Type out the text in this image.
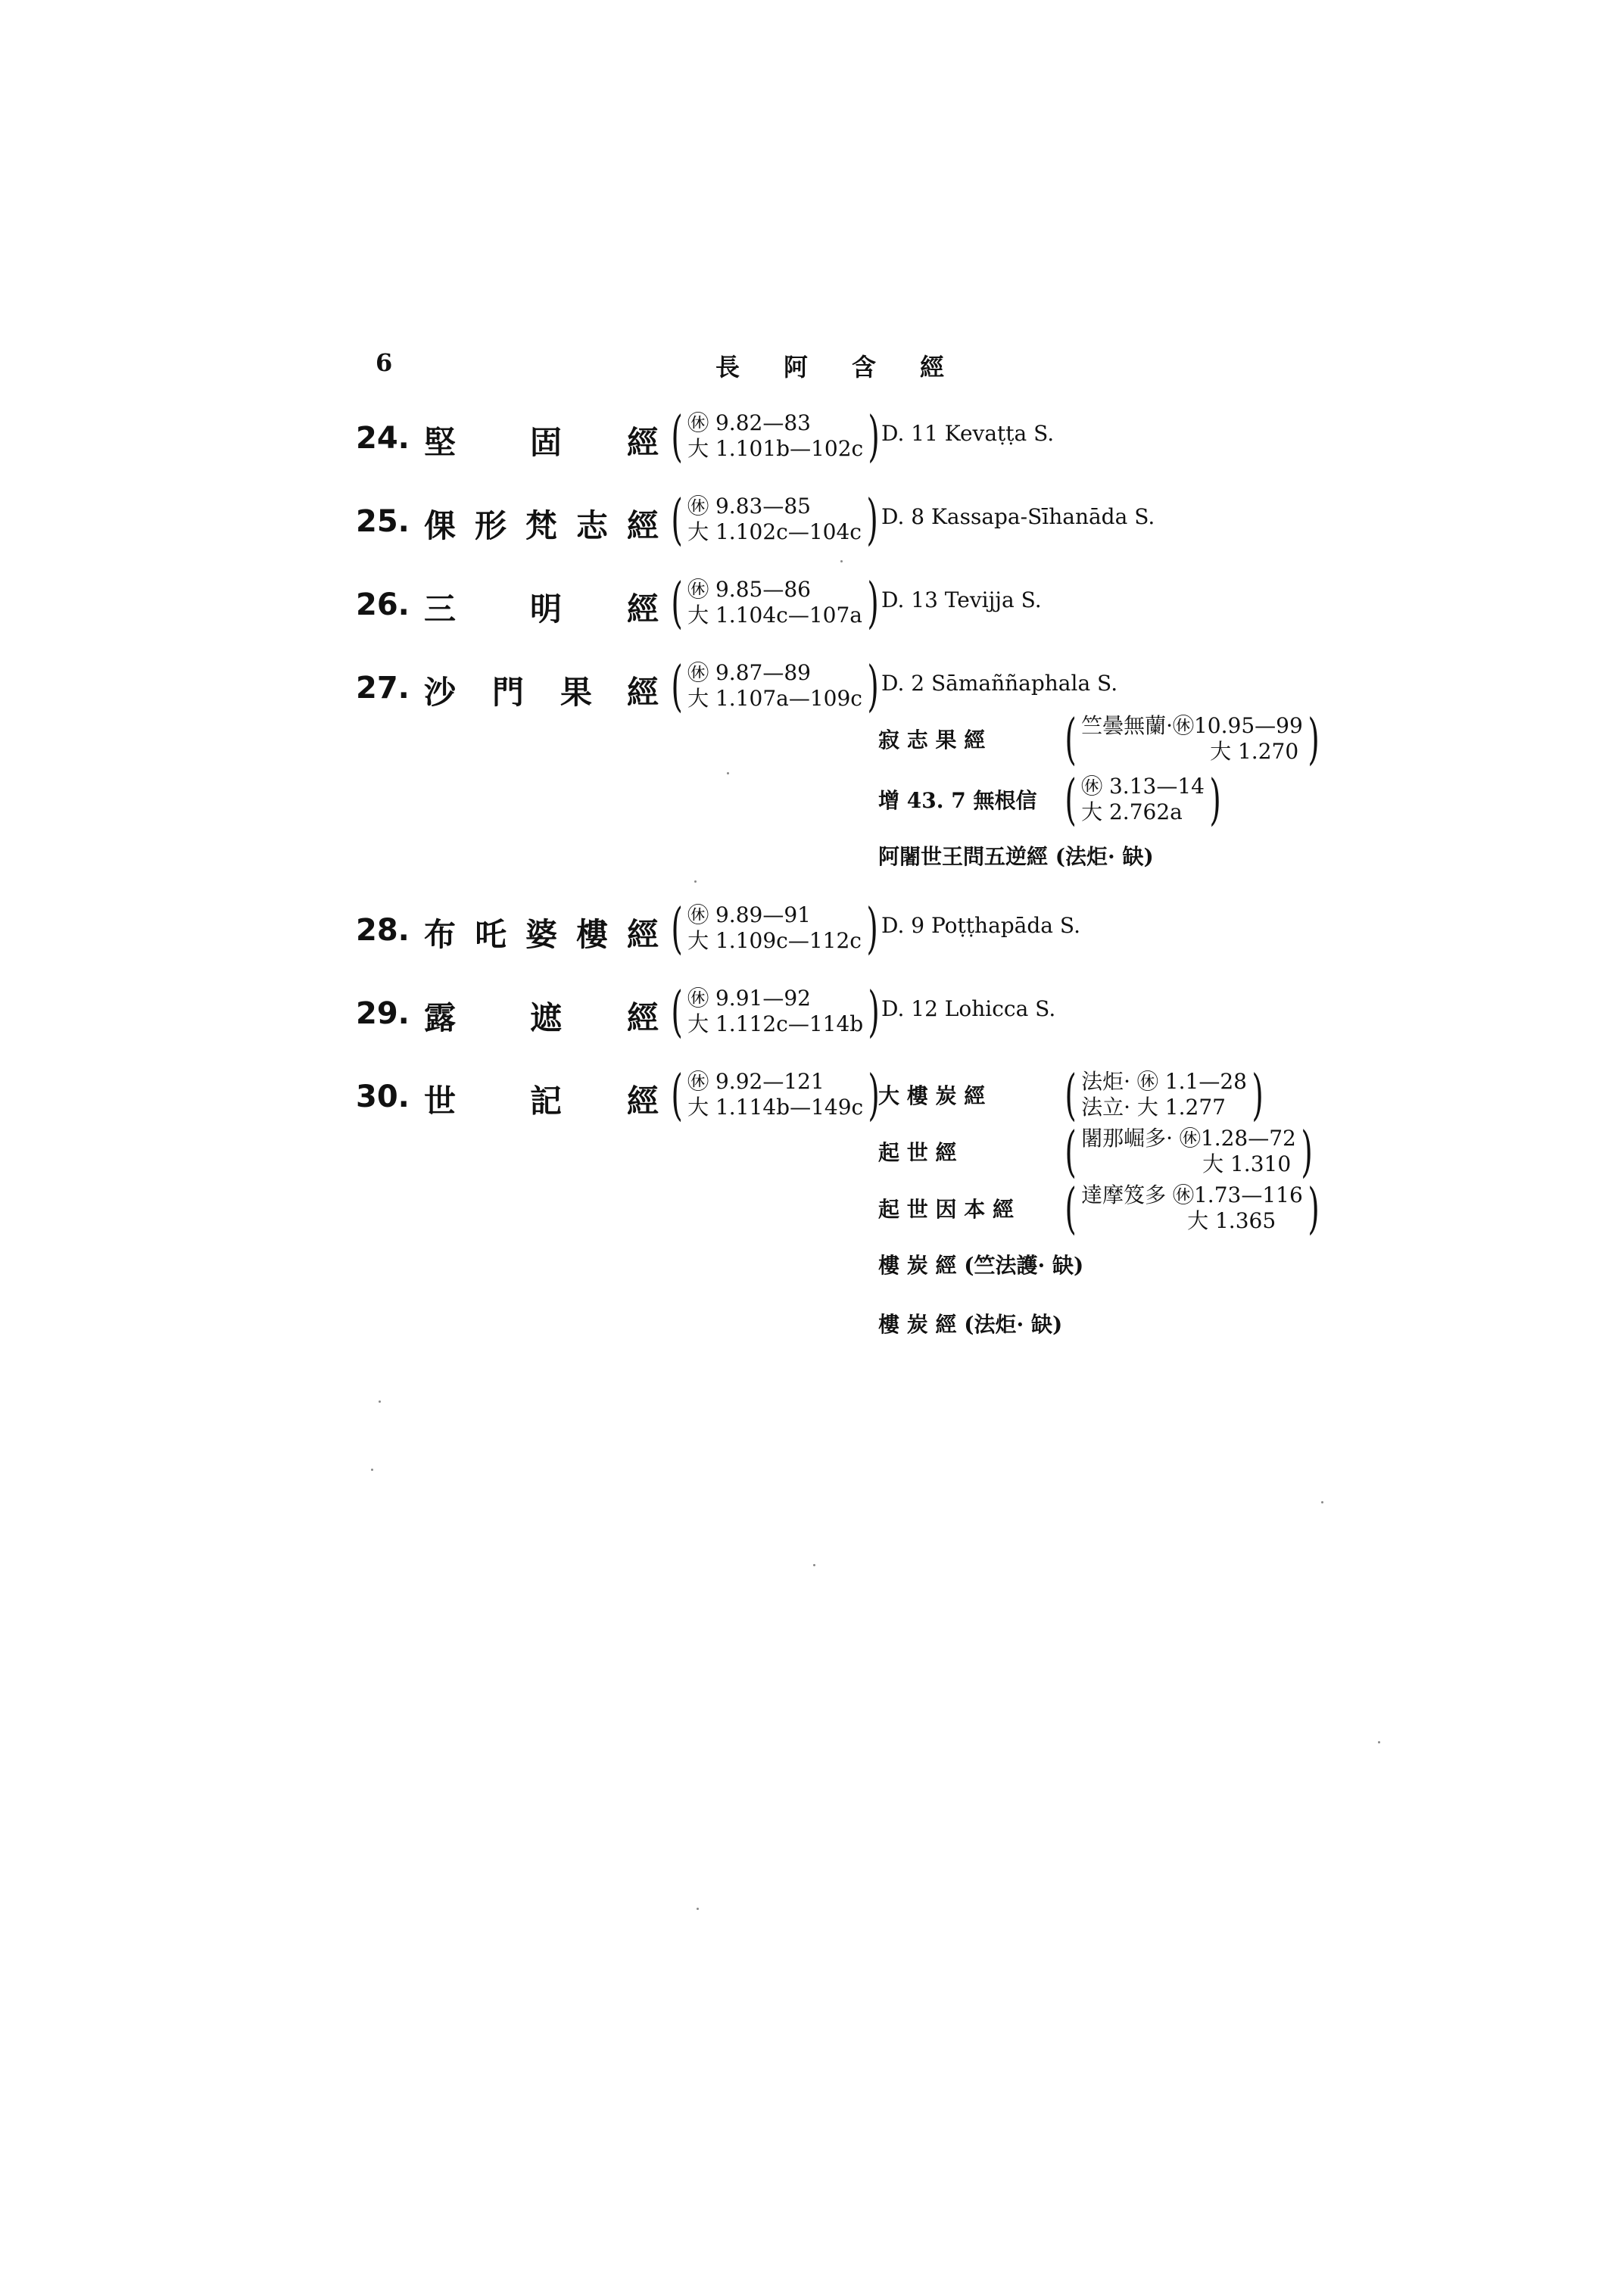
6	長阿含經
24. 堅 固 經 ( ㊡ 9.82—83
大 1.101b—102c ) D. 11 Kevaṭṭa S.
25. 倮 形 梵 志 經 ( ㊡ 9.83—85
大 1.102c—104c ) D. 8 Kassapa-Sīhanāda S.
26. 三 明 經 ( ㊡ 9.85—86
大 1.104c—107a ) D. 13 Tevijja S.
27. 沙 門 果 經 ( ㊡ 9.87—89
大 1.107a—109c ) D. 2 Sāmaññaphala S.
寂 志 果 經	( 竺曇無蘭·㊡10.95—99
大 1.270 )
增 43. 7 無根信 ( ㊡ 3.13—14
大 2.762a )
阿闍世王問五逆經 (法炬· 缺)
28. 布 吒 婆 樓 經 ( ㊡ 9.89—91
大 1.109c—112c ) D. 9 Poṭṭhapāda S.
29. 露 遮 經 ( ㊡ 9.91—92
大 1.112c—114b ) D. 12 Lohicca S.
30. 世 記 經 ( ㊡ 9.92—121
大 1.114b—149c )
大 樓 炭 經	( 法炬· ㊡ 1.1—28
法立· 大 1.277 )
起 世 經	( 闍那崛多· ㊡1.28—72
大 1.310 )
起 世 因 本 經 ( 達摩笈多 ㊡1.73—116
大 1.365 )
樓 炭 經 (竺法護· 缺)
樓 炭 經 (法炬· 缺)
